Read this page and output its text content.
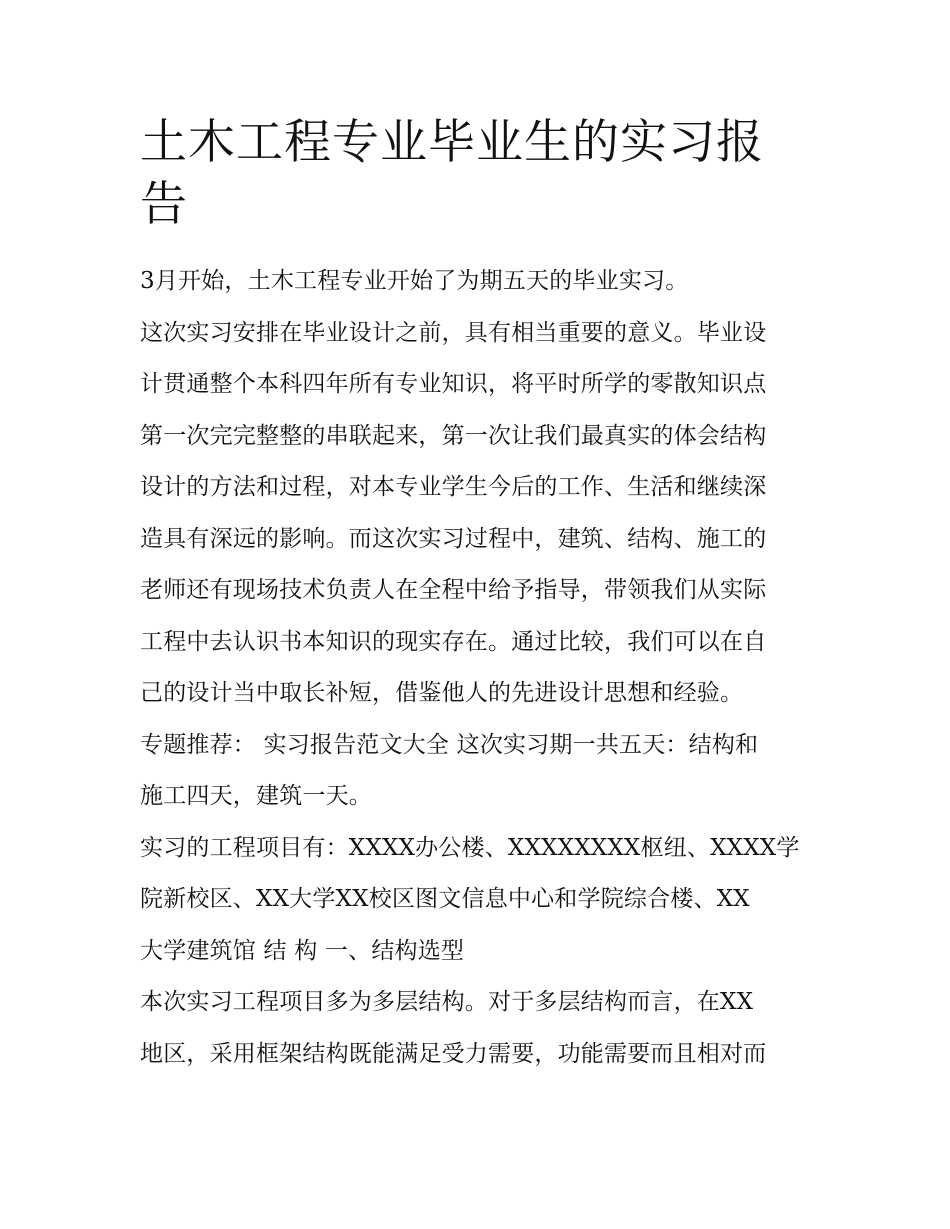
土木工程专业毕业生的实习报
告

3月开始，土木工程专业开始了为期五天的毕业实习。

这次实习安排在毕业设计之前，具有相当重要的意义。毕业设
计贯通整个本科四年所有专业知识，将平时所学的零散知识点
第一次完完整整的串联起来，第一次让我们最真实的体会结构
设计的方法和过程，对本专业学生今后的工作、生活和继续深
造具有深远的影响。而这次实习过程中，建筑、结构、施工的
老师还有现场技术负责人在全程中给予指导，带领我们从实际
工程中去认识书本知识的现实存在。通过比较，我们可以在自
己的设计当中取长补短，借鉴他人的先进设计思想和经验。

专题推荐： 实习报告范文大全 这次实习期一共五天：结构和
施工四天，建筑一天。

实习的工程项目有：XXXX办公楼、XXXXXXXX枢纽、XXXX学
院新校区、XX大学XX校区图文信息中心和学院综合楼、XX
大学建筑馆 结 构 一、结构选型

本次实习工程项目多为多层结构。对于多层结构而言，在XX
地区，采用框架结构既能满足受力需要，功能需要而且相对而
